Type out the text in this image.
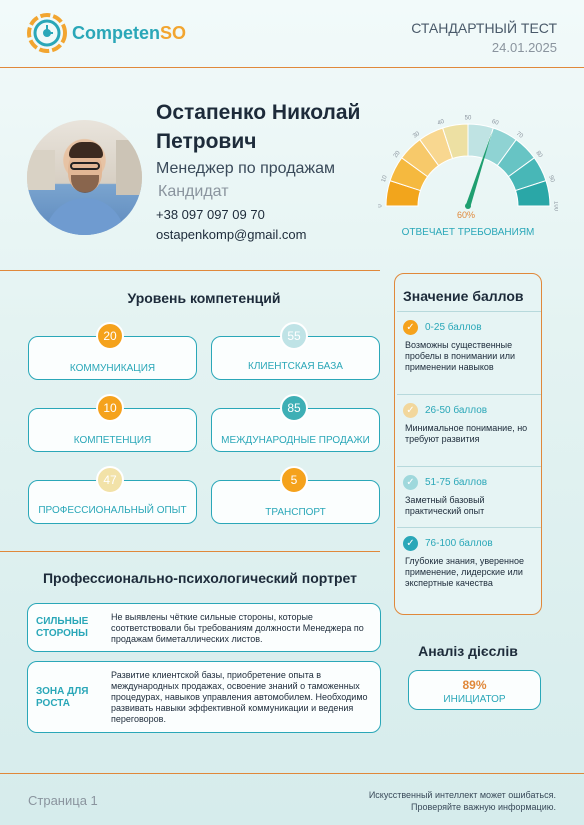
CompetenSO	СТАНДАРТНЫЙ ТЕСТ
24.01.2025
Остапенко Николай Петрович
Менеджер по продажам
Кандидат
+38 097 097 09 70
ostapenkomp@gmail.com
0
10
20
30
40
50
60
70
80
90
100
60%
ОТВЕЧАЕТ ТРЕБОВАНИЯМ
Уровень компетенций
КОММУНИКАЦИЯ
20
КЛИЕНТСКАЯ БАЗА
55
КОМПЕТЕНЦИЯ
10
МЕЖДУНАРОДНЫЕ ПРОДАЖИ
85
ПРОФЕССИОНАЛЬНЫЙ ОПЫТ
47
ТРАНСПОРТ
5
Значение баллов
✓	0-25 баллов
Возможны существенные пробелы в понимании или применении навыков
✓	26-50 баллов
Минимальное понимание, но требуют развития
✓	51-75 баллов
Заметный базовый практический опыт
✓	76-100 баллов
Глубокие знания, уверенное применение, лидерские или экспертные качества
Профессионально-психологический портрет
СИЛЬНЫЕ СТОРОНЫ
Не выявлены чёткие сильные стороны, которые соответствовали бы требованиям должности Менеджера по продажам биметаллических листов.
ЗОНА ДЛЯ РОСТА
Развитие клиентской базы, приобретение опыта в международных продажах, освоение знаний о таможенных процедурах, навыков управления автомобилем. Необходимо развивать навыки эффективной коммуникации и ведения переговоров.
Аналіз дієслів
89%
ИНИЦИАТОР
Страница 1	Искусственный интеллект может ошибаться.
Проверяйте важную информацию.
